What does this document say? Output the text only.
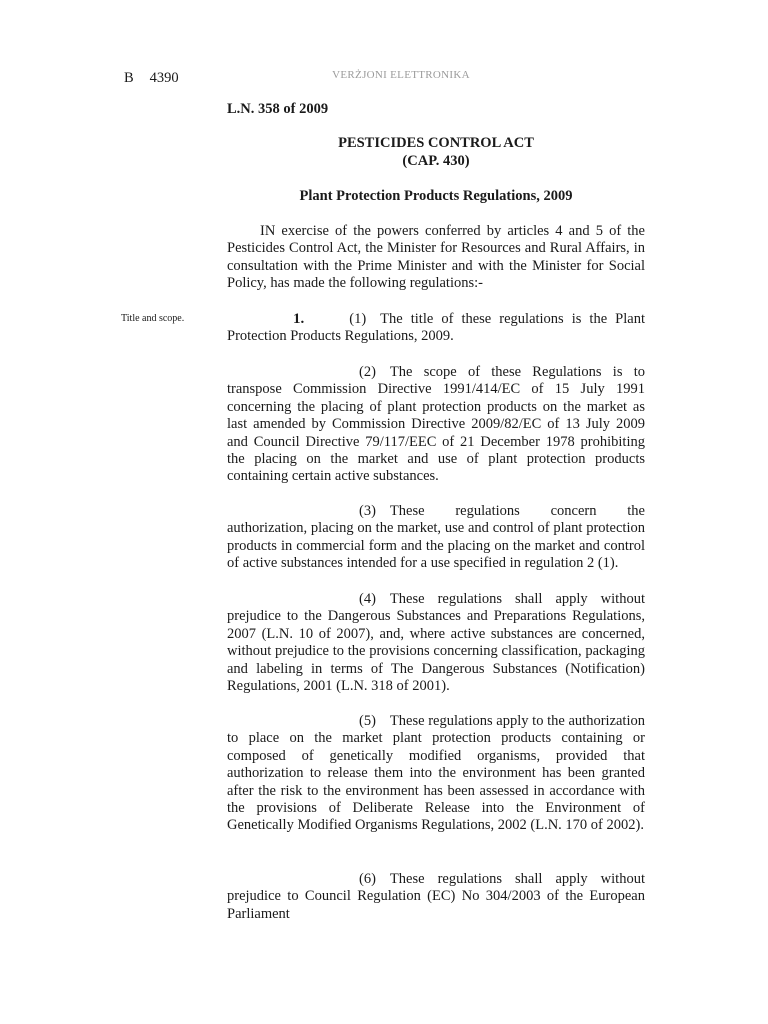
B 4390	VERŻJONI ELETTRONIKA
L.N. 358 of 2009
PESTICIDES CONTROL ACT
(CAP. 430)
Plant Protection Products Regulations, 2009

IN exercise of the powers conferred by articles 4 and 5 of the Pesticides Control Act, the Minister for Resources and Rural Affairs, in consultation with the Prime Minister and with the Minister for Social Policy, has made the following regulations:-

Title and scope.	1.	(1) The title of these regulations is the Plant Protection Products Regulations, 2009.

(2) The scope of these Regulations is to transpose Commission Directive 1991/414/EC of 15 July 1991 concerning the placing of plant protection products on the market as last amended by Commission Directive 2009/82/EC of 13 July 2009 and Council Directive 79/117/EEC of 21 December 1978 prohibiting the placing on the market and use of plant protection products containing certain active substances.

(3) These regulations concern the authorization, placing on the market, use and control of plant protection products in commercial form and the placing on the market and control of active substances intended for a use specified in regulation 2 (1).

(4) These regulations shall apply without prejudice to the Dangerous Substances and Preparations Regulations, 2007 (L.N. 10 of 2007), and, where active substances are concerned, without prejudice to the provisions concerning classification, packaging and labeling in terms of The Dangerous Substances (Notification) Regulations, 2001 (L.N. 318 of 2001).

(5) These regulations apply to the authorization to place on the market plant protection products containing or composed of genetically modified organisms, provided that authorization to release them into the environment has been granted after the risk to the environment has been assessed in accordance with the provisions of Deliberate Release into the Environment of Genetically Modified Organisms Regulations, 2002 (L.N. 170 of 2002).

(6) These regulations shall apply without prejudice to Council Regulation (EC) No 304/2003 of the European Parliament
